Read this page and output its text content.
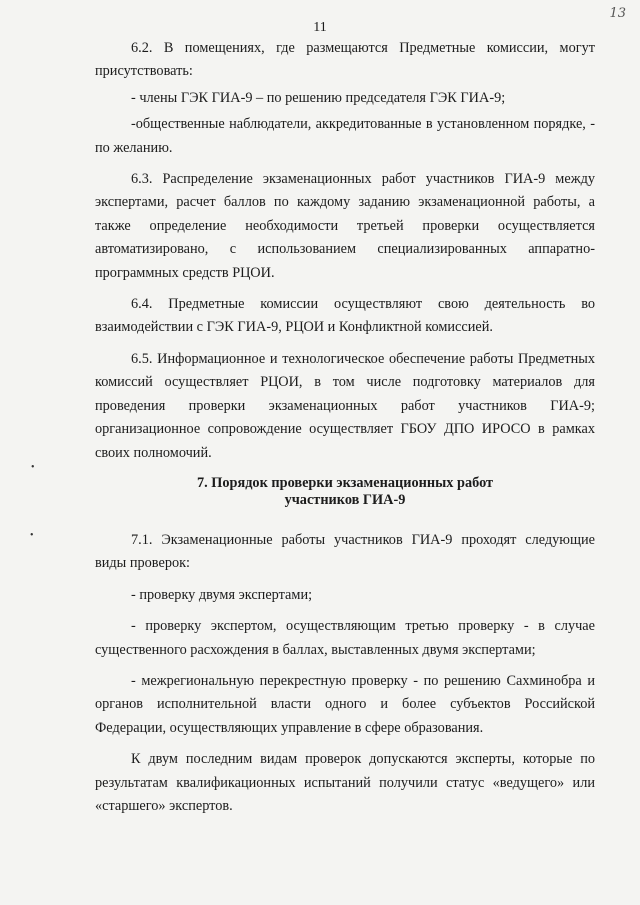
11
13
•
•

6.2. В помещениях, где размещаются Предметные комиссии, могут присутствовать:

- члены ГЭК ГИА-9 – по решению председателя ГЭК ГИА-9;

-общественные наблюдатели, аккредитованные в установленном порядке, - по желанию.

6.3. Распределение экзаменационных работ участников ГИА-9 между экспертами, расчет баллов по каждому заданию экзаменационной работы, а также определение необходимости третьей проверки осуществляется автоматизировано, с использованием специализированных аппаратно-программных средств РЦОИ.

6.4. Предметные комиссии осуществляют свою деятельность во взаимодействии с ГЭК ГИА-9, РЦОИ и Конфликтной комиссией.

6.5. Информационное и технологическое обеспечение работы Предметных комиссий осуществляет РЦОИ, в том числе подготовку материалов для проведения проверки экзаменационных работ участников ГИА-9; организационное сопровождение осуществляет ГБОУ ДПО ИРОСО в рамках своих полномочий.

7. Порядок проверки экзаменационных работ
участников ГИА-9

7.1. Экзаменационные работы участников ГИА-9 проходят следующие виды проверок:

- проверку двумя экспертами;

- проверку экспертом, осуществляющим третью проверку - в случае существенного расхождения в баллах, выставленных двумя экспертами;

- межрегиональную перекрестную проверку - по решению Сахминобра и органов исполнительной власти одного и более субъектов Российской Федерации, осуществляющих управление в сфере образования.

К двум последним видам проверок допускаются эксперты, которые по результатам квалификационных испытаний получили статус «ведущего» или «старшего» экспертов.
